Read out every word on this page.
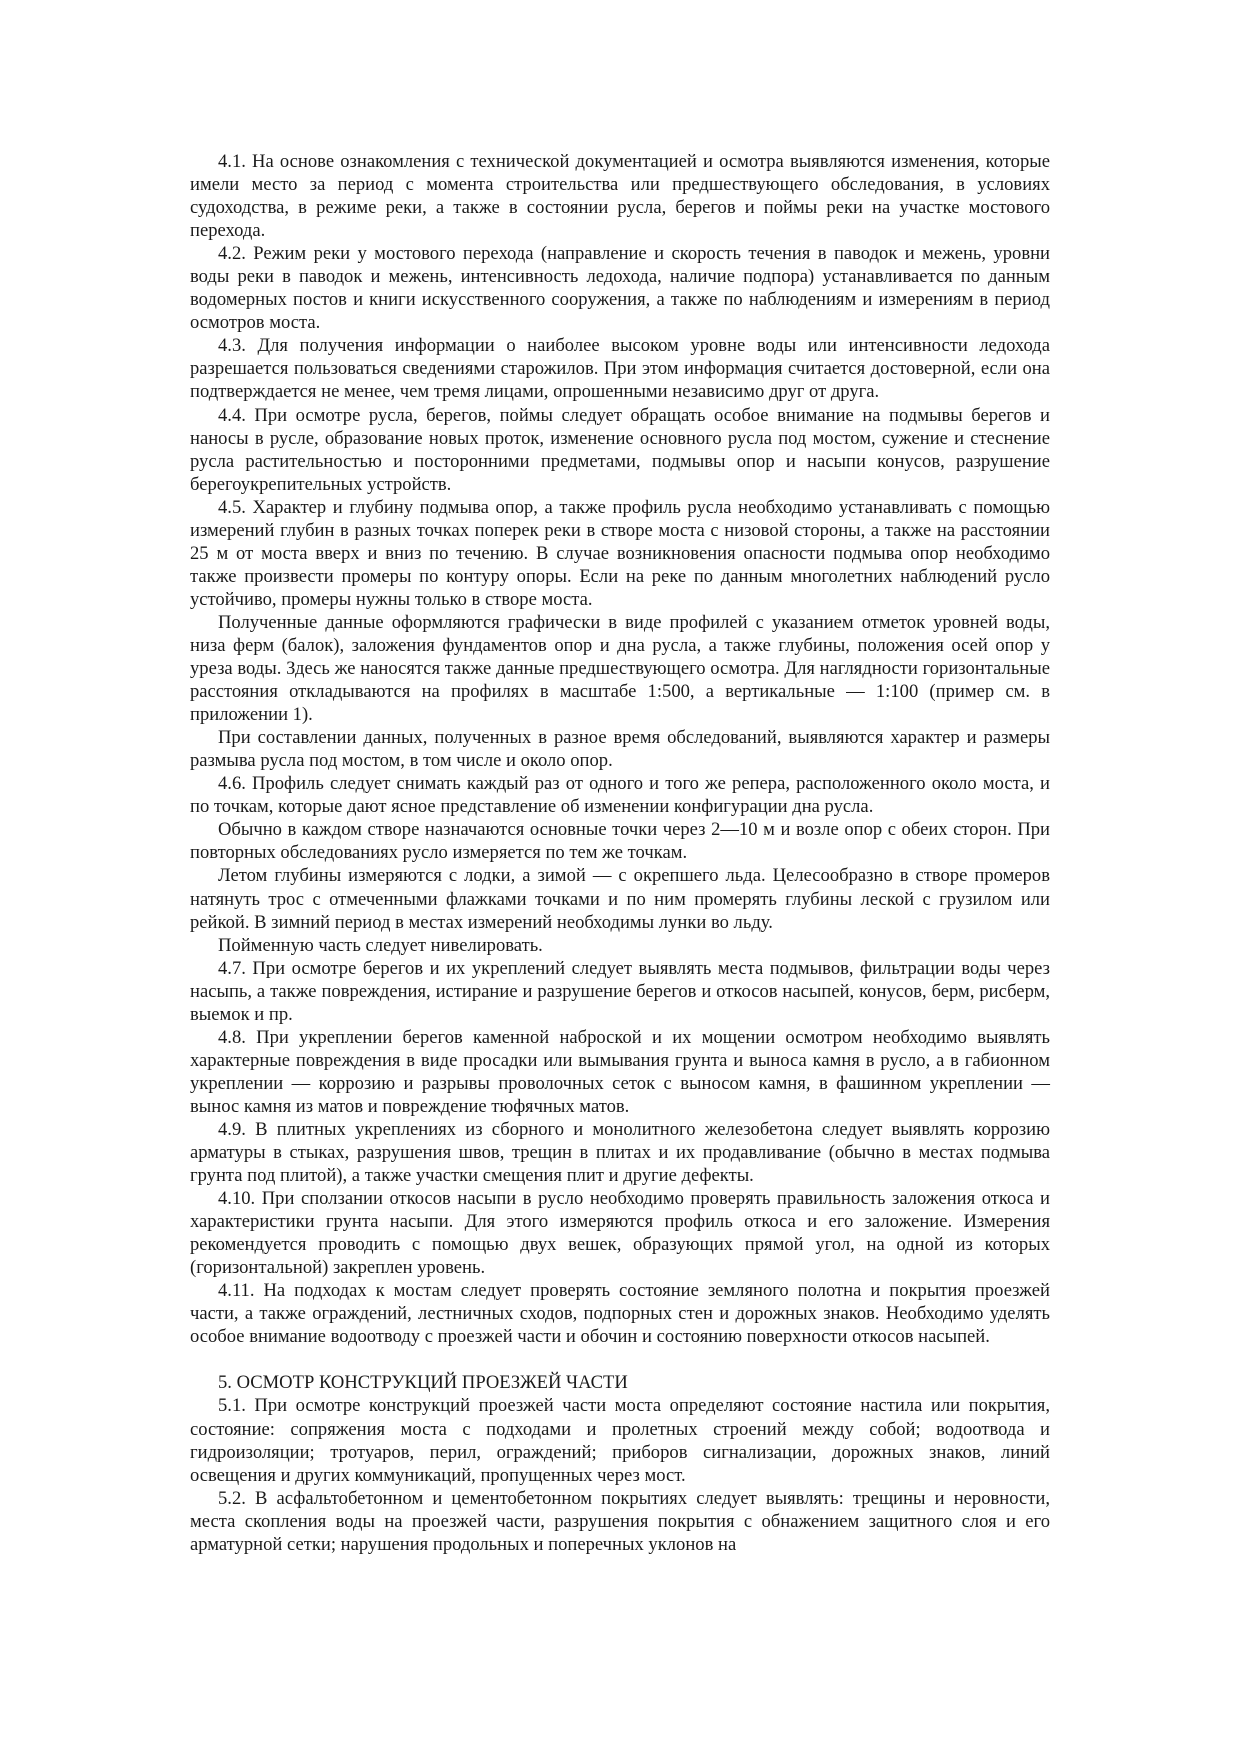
4.1. На основе ознакомления с технической документацией и осмотра выявляются изменения, которые имели место за период с момента строительства или предшествующего обследования, в условиях судоходства, в режиме реки, а также в состоянии русла, берегов и поймы реки на участке мостового перехода.

4.2. Режим реки у мостового перехода (направление и скорость течения в паводок и межень, уровни воды реки в паводок и межень, интенсивность ледохода, наличие подпора) устанавливается по данным водомерных постов и книги искусственного сооружения, а также по наблюдениям и измерениям в период осмотров моста.

4.3. Для получения информации о наиболее высоком уровне воды или интенсивности ледохода разрешается пользоваться сведениями старожилов. При этом информация считается достоверной, если она подтверждается не менее, чем тремя лицами, опрошенными независимо друг от друга.

4.4. При осмотре русла, берегов, поймы следует обращать особое внимание на подмывы берегов и наносы в русле, образование новых проток, изменение основного русла под мостом, сужение и стеснение русла растительностью и посторонними предметами, подмывы опор и насыпи конусов, разрушение берегоукрепительных устройств.

4.5. Характер и глубину подмыва опор, а также профиль русла необходимо устанавливать с помощью измерений глубин в разных точках поперек реки в створе моста с низовой стороны, а также на расстоянии 25 м от моста вверх и вниз по течению. В случае возникновения опасности подмыва опор необходимо также произвести промеры по контуру опоры. Если на реке по данным многолетних наблюдений русло устойчиво, промеры нужны только в створе моста.

Полученные данные оформляются графически в виде профилей с указанием отметок уровней воды, низа ферм (балок), заложения фундаментов опор и дна русла, а также глубины, положения осей опор у уреза воды. Здесь же наносятся также данные предшествующего осмотра. Для наглядности горизонтальные расстояния откладываются на профилях в масштабе 1:500, а вертикальные — 1:100 (пример см. в приложении 1).

При составлении данных, полученных в разное время обследований, выявляются характер и размеры размыва русла под мостом, в том числе и около опор.

4.6. Профиль следует снимать каждый раз от одного и того же репера, расположенного около моста, и по точкам, которые дают ясное представление об изменении конфигурации дна русла.

Обычно в каждом створе назначаются основные точки через 2—10 м и возле опор с обеих сторон. При повторных обследованиях русло измеряется по тем же точкам.

Летом глубины измеряются с лодки, а зимой — с окрепшего льда. Целесообразно в створе промеров натянуть трос с отмеченными флажками точками и по ним промерять глубины леской с грузилом или рейкой. В зимний период в местах измерений необходимы лунки во льду.

Пойменную часть следует нивелировать.

4.7. При осмотре берегов и их укреплений следует выявлять места подмывов, фильтрации воды через насыпь, а также повреждения, истирание и разрушение берегов и откосов насыпей, конусов, берм, рисберм, выемок и пр.

4.8. При укреплении берегов каменной наброской и их мощении осмотром необходимо выявлять характерные повреждения в виде просадки или вымывания грунта и выноса камня в русло, а в габионном укреплении — коррозию и разрывы проволочных сеток с выносом камня, в фашинном укреплении — вынос камня из матов и повреждение тюфячных матов.

4.9. В плитных укреплениях из сборного и монолитного железобетона следует выявлять коррозию арматуры в стыках, разрушения швов, трещин в плитах и их продавливание (обычно в местах подмыва грунта под плитой), а также участки смещения плит и другие дефекты.

4.10. При сползании откосов насыпи в русло необходимо проверять правильность заложения откоса и характеристики грунта насыпи. Для этого измеряются профиль откоса и его заложение. Измерения рекомендуется проводить с помощью двух вешек, образующих прямой угол, на одной из которых (горизонтальной) закреплен уровень.

4.11. На подходах к мостам следует проверять состояние земляного полотна и покрытия проезжей части, а также ограждений, лестничных сходов, подпорных стен и дорожных знаков. Необходимо уделять особое внимание водоотводу с проезжей части и обочин и состоянию поверхности откосов насыпей.

5. ОСМОТР КОНСТРУКЦИЙ ПРОЕЗЖЕЙ ЧАСТИ

5.1. При осмотре конструкций проезжей части моста определяют состояние настила или покрытия, состояние: сопряжения моста с подходами и пролетных строений между собой; водоотвода и гидроизоляции; тротуаров, перил, ограждений; приборов сигнализации, дорожных знаков, линий освещения и других коммуникаций, пропущенных через мост.

5.2. В асфальтобетонном и цементобетонном покрытиях следует выявлять: трещины и неровности, места скопления воды на проезжей части, разрушения покрытия с обнажением защитного слоя и его арматурной сетки; нарушения продольных и поперечных уклонов на
